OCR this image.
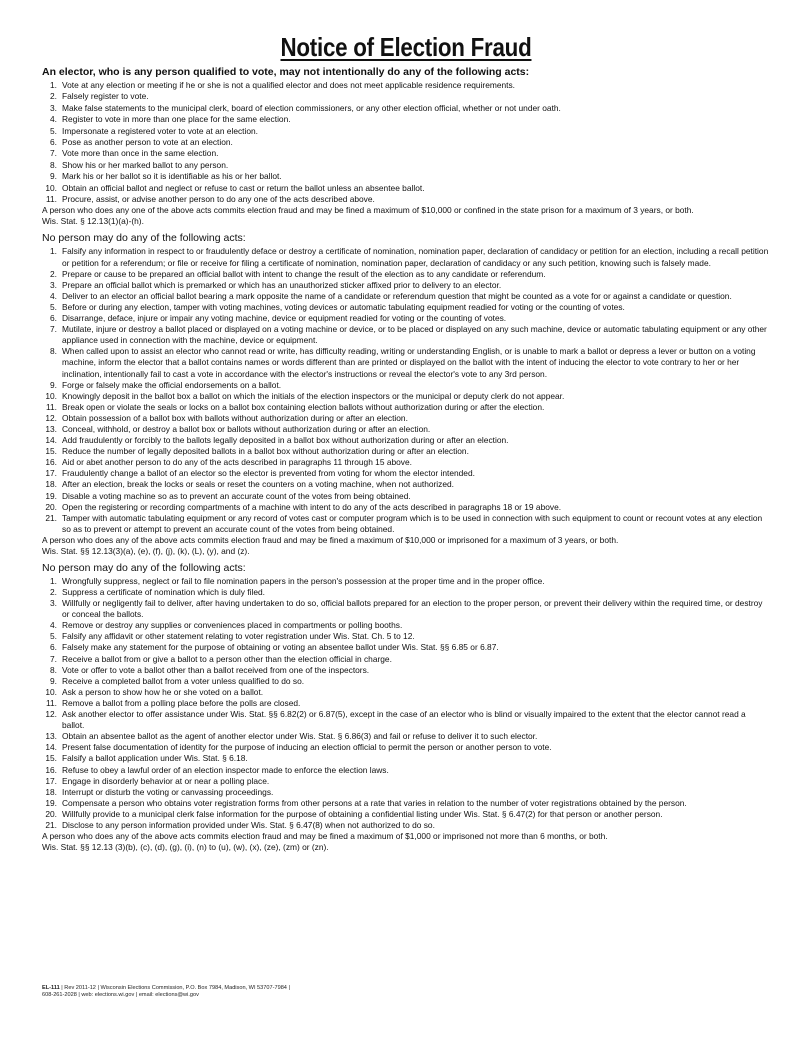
Notice of Election Fraud
An elector, who is any person qualified to vote, may not intentionally do any of the following acts:
1. Vote at any election or meeting if he or she is not a qualified elector and does not meet applicable residence requirements.
2. Falsely register to vote.
3. Make false statements to the municipal clerk, board of election commissioners, or any other election official, whether or not under oath.
4. Register to vote in more than one place for the same election.
5. Impersonate a registered voter to vote at an election.
6. Pose as another person to vote at an election.
7. Vote more than once in the same election.
8. Show his or her marked ballot to any person.
9. Mark his or her ballot so it is identifiable as his or her ballot.
10. Obtain an official ballot and neglect or refuse to cast or return the ballot unless an absentee ballot.
11. Procure, assist, or advise another person to do any one of the acts described above.
A person who does any one of the above acts commits election fraud and may be fined a maximum of $10,000 or confined in the state prison for a maximum of 3 years, or both.
Wis. Stat. § 12.13(1)(a)-(h).
No person may do any of the following acts:
1. Falsify any information in respect to or fraudulently deface or destroy a certificate of nomination, nomination paper, declaration of candidacy or petition for an election, including a recall petition or petition for a referendum; or file or receive for filing a certificate of nomination, nomination paper, declaration of candidacy or any such petition, knowing such is falsely made.
2. Prepare or cause to be prepared an official ballot with intent to change the result of the election as to any candidate or referendum.
3. Prepare an official ballot which is premarked or which has an unauthorized sticker affixed prior to delivery to an elector.
4. Deliver to an elector an official ballot bearing a mark opposite the name of a candidate or referendum question that might be counted as a vote for or against a candidate or question.
5. Before or during any election, tamper with voting machines, voting devices or automatic tabulating equipment readied for voting or the counting of votes.
6. Disarrange, deface, injure or impair any voting machine, device or equipment readied for voting or the counting of votes.
7. Mutilate, injure or destroy a ballot placed or displayed on a voting machine or device, or to be placed or displayed on any such machine, device or automatic tabulating equipment or any other appliance used in connection with the machine, device or equipment.
8. When called upon to assist an elector who cannot read or write, has difficulty reading, writing or understanding English, or is unable to mark a ballot or depress a lever or button on a voting machine, inform the elector that a ballot contains names or words different than are printed or displayed on the ballot with the intent of inducing the elector to vote contrary to her or her inclination, intentionally fail to cast a vote in accordance with the elector's instructions or reveal the elector's vote to any 3rd person.
9. Forge or falsely make the official endorsements on a ballot.
10. Knowingly deposit in the ballot box a ballot on which the initials of the election inspectors or the municipal or deputy clerk do not appear.
11. Break open or violate the seals or locks on a ballot box containing election ballots without authorization during or after the election.
12. Obtain possession of a ballot box with ballots without authorization during or after an election.
13. Conceal, withhold, or destroy a ballot box or ballots without authorization during or after an election.
14. Add fraudulently or forcibly to the ballots legally deposited in a ballot box without authorization during or after an election.
15. Reduce the number of legally deposited ballots in a ballot box without authorization during or after an election.
16. Aid or abet another person to do any of the acts described in paragraphs 11 through 15 above.
17. Fraudulently change a ballot of an elector so the elector is prevented from voting for whom the elector intended.
18. After an election, break the locks or seals or reset the counters on a voting machine, when not authorized.
19. Disable a voting machine so as to prevent an accurate count of the votes from being obtained.
20. Open the registering or recording compartments of a machine with intent to do any of the acts described in paragraphs 18 or 19 above.
21. Tamper with automatic tabulating equipment or any record of votes cast or computer program which is to be used in connection with such equipment to count or recount votes at any election so as to prevent or attempt to prevent an accurate count of the votes from being obtained.
A person who does any of the above acts commits election fraud and may be fined a maximum of $10,000 or imprisoned for a maximum of 3 years, or both.
Wis. Stat. §§ 12.13(3)(a), (e), (f), (j), (k), (L), (y), and (z).
No person may do any of the following acts:
1. Wrongfully suppress, neglect or fail to file nomination papers in the person's possession at the proper time and in the proper office.
2. Suppress a certificate of nomination which is duly filed.
3. Willfully or negligently fail to deliver, after having undertaken to do so, official ballots prepared for an election to the proper person, or prevent their delivery within the required time, or destroy or conceal the ballots.
4. Remove or destroy any supplies or conveniences placed in compartments or polling booths.
5. Falsify any affidavit or other statement relating to voter registration under Wis. Stat. Ch. 5 to 12.
6. Falsely make any statement for the purpose of obtaining or voting an absentee ballot under Wis. Stat. §§ 6.85 or 6.87.
7. Receive a ballot from or give a ballot to a person other than the election official in charge.
8. Vote or offer to vote a ballot other than a ballot received from one of the inspectors.
9. Receive a completed ballot from a voter unless qualified to do so.
10. Ask a person to show how he or she voted on a ballot.
11. Remove a ballot from a polling place before the polls are closed.
12. Ask another elector to offer assistance under Wis. Stat. §§ 6.82(2) or 6.87(5), except in the case of an elector who is blind or visually impaired to the extent that the elector cannot read a ballot.
13. Obtain an absentee ballot as the agent of another elector under Wis. Stat. § 6.86(3) and fail or refuse to deliver it to such elector.
14. Present false documentation of identity for the purpose of inducing an election official to permit the person or another person to vote.
15. Falsify a ballot application under Wis. Stat. § 6.18.
16. Refuse to obey a lawful order of an election inspector made to enforce the election laws.
17. Engage in disorderly behavior at or near a polling place.
18. Interrupt or disturb the voting or canvassing proceedings.
19. Compensate a person who obtains voter registration forms from other persons at a rate that varies in relation to the number of voter registrations obtained by the person.
20. Willfully provide to a municipal clerk false information for the purpose of obtaining a confidential listing under Wis. Stat. § 6.47(2) for that person or another person.
21. Disclose to any person information provided under Wis. Stat. § 6.47(8) when not authorized to do so.
A person who does any of the above acts commits election fraud and may be fined a maximum of $1,000 or imprisoned not more than 6 months, or both.
Wis. Stat. §§ 12.13 (3)(b), (c), (d), (g), (i), (n) to (u), (w), (x), (ze), (zm) or (zn).
EL-111 | Rev 2011-12 | Wisconsin Elections Commission, P.O. Box 7984, Madison, WI 53707-7984 |
608-261-2028 | web: elections.wi.gov | email: elections@wi.gov
